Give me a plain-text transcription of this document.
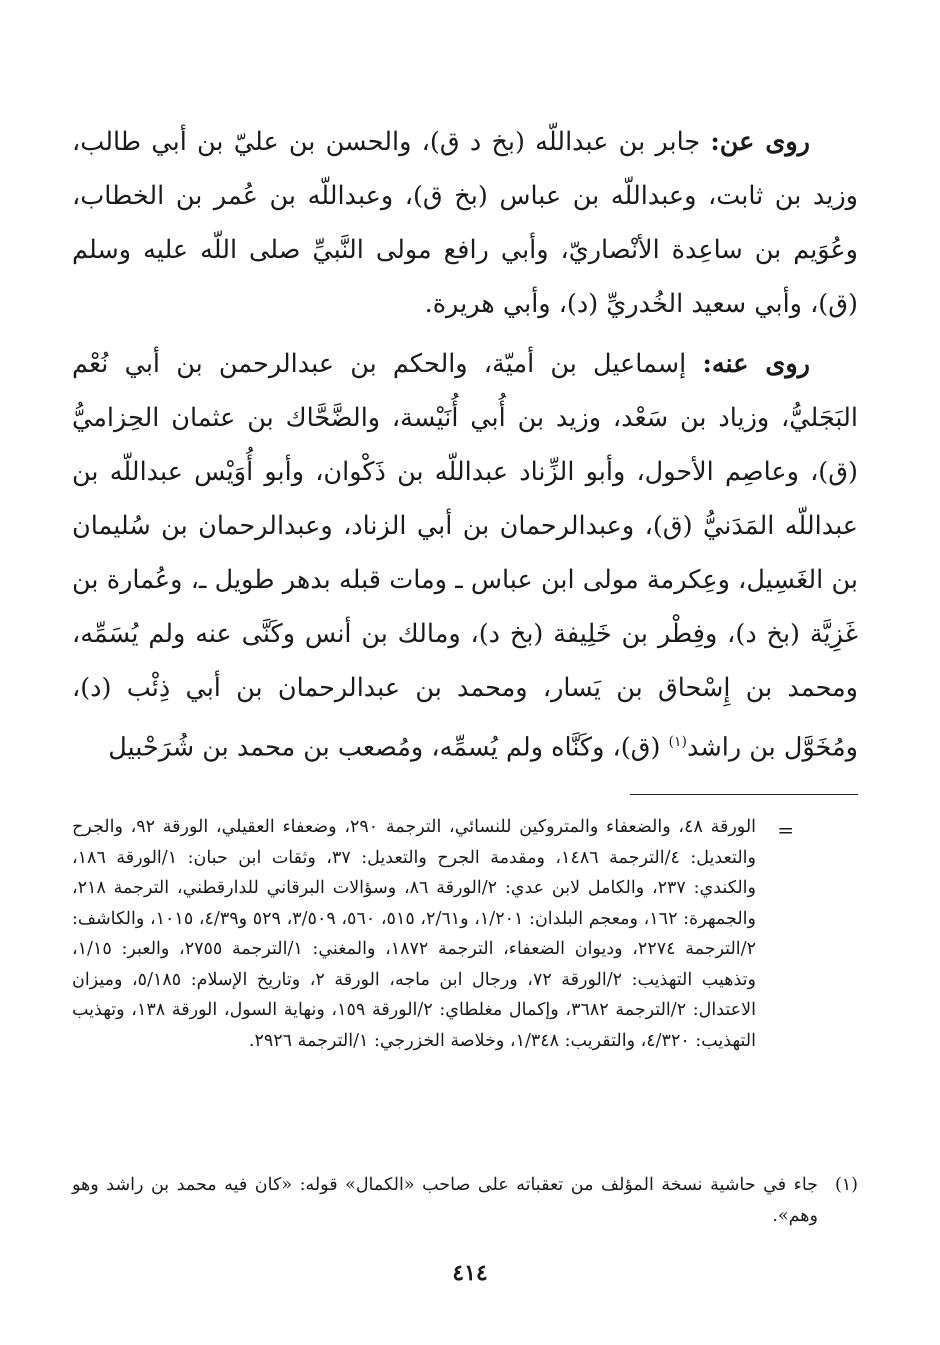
روى عن: جابر بن عبداللّه (بخ د ق)، والحسن بن عليّ بن أبي طالب، وزيد بن ثابت، وعبداللّه بن عباس (بخ ق)، وعبداللّه بن عُمر بن الخطاب، وعُوَيم بن ساعِدة الأنْصاريّ، وأبي رافع مولى النَّبيِّ صلى اللّه عليه وسلم (ق)، وأبي سعيد الخُدريِّ (د)، وأبي هريرة.

روى عنه: إسماعيل بن أميّة، والحكم بن عبدالرحمن بن أبي نُعْم البَجَليُّ، وزياد بن سَعْد، وزيد بن أُبي أُنَيْسة، والضَّحَّاك بن عثمان الحِزاميُّ (ق)، وعاصِم الأحول، وأبو الزِّناد عبداللّه بن ذَكْوان، وأبو أُوَيْس عبداللّه بن عبداللّه المَدَنيُّ (ق)، وعبدالرحمان بن أبي الزناد، وعبدالرحمان بن سُليمان بن الغَسِيل، وعِكرمة مولى ابن عباس ـ ومات قبله بدهر طويل ـ، وعُمارة بن غَزِيَّة (بخ د)، وفِطْر بن خَلِيفة (بخ د)، ومالك بن أنس وكَنَّى عنه ولم يُسَمِّه، ومحمد بن إِسْحاق بن يَسار، ومحمد بن عبدالرحمان بن أبي ذِئْب (د)، ومُخَوَّل بن راشد$^{(١)}$ (ق)، وكَنَّاه ولم يُسمِّه، ومُصعب بن محمد بن شُرَحْبيل

=

الورقة ٤٨، والضعفاء والمتروكين للنسائي، الترجمة ٢٩٠، وضعفاء العقيلي، الورقة ٩٢، والجرح والتعديل: ٤/الترجمة ١٤٨٦، ومقدمة الجرح والتعديل: ٣٧، وثقات ابن حبان: ١/الورقة ١٨٦، والكندي: ٢٣٧، والكامل لابن عدي: ٢/الورقة ٨٦، وسؤالات البرقاني للدارقطني، الترجمة ٢١٨، والجمهرة: ١٦٢، ومعجم البلدان: ١/٢٠١، و٢/٦١، ٥١٥، ٥٦٠، ٣/٥٠٩، ٥٢٩ و٤/٣٩، ١٠١٥، والكاشف: ٢/الترجمة ٢٢٧٤، وديوان الضعفاء، الترجمة ١٨٧٢، والمغني: ١/الترجمة ٢٧٥٥، والعبر: ١/١٥، وتذهيب التهذيب: ٢/الورقة ٧٢، ورجال ابن ماجه، الورقة ٢، وتاريخ الإسلام: ٥/١٨٥، وميزان الاعتدال: ٢/الترجمة ٣٦٨٢، وإكمال مغلطاي: ٢/الورقة ١٥٩، ونهاية السول، الورقة ١٣٨، وتهذيب التهذيب: ٤/٣٢٠، والتقريب: ١/٣٤٨، وخلاصة الخزرجي: ١/الترجمة ٢٩٢٦.

(١)
جاء في حاشية نسخة المؤلف من تعقباته على صاحب «الكمال» قوله: «كان فيه محمد بن راشد وهو وهم».
٤١٤
